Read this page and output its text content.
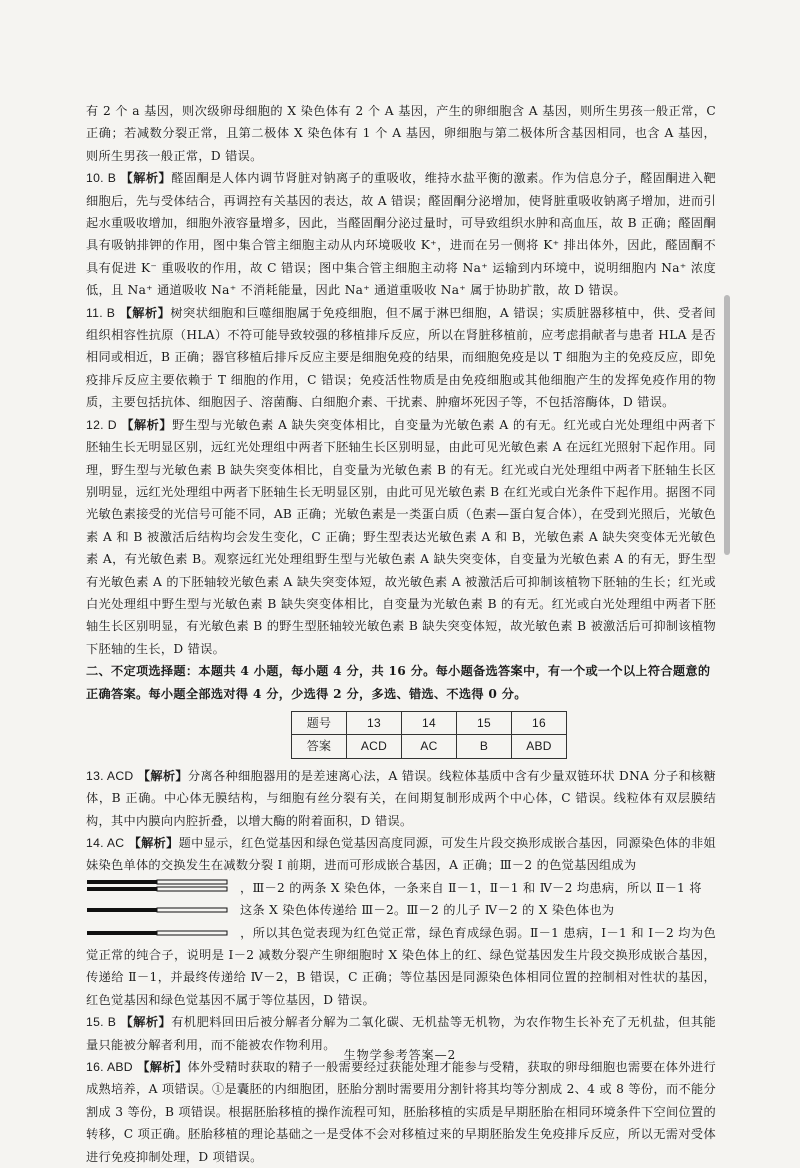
有 2 个 a 基因，则次级卵母细胞的 X 染色体有 2 个 A 基因，产生的卵细胞含 A 基因，则所生男孩一般正常，C 正确；若减数分裂正常，且第二极体 X 染色体有 1 个 A 基因，卵细胞与第二极体所含基因相同，也含 A 基因，则所生男孩一般正常，D 错误。

10. B 【解析】醛固酮是人体内调节肾脏对钠离子的重吸收，维持水盐平衡的激素。作为信息分子，醛固酮进入靶细胞后，先与受体结合，再调控有关基因的表达，故 A 错误；醛固酮分泌增加，使肾脏重吸收钠离子增加，进而引起水重吸收增加，细胞外液容量增多，因此，当醛固酮分泌过量时，可导致组织水肿和高血压，故 B 正确；醛固酮具有吸钠排钾的作用，图中集合管主细胞主动从内环境吸收 K⁺，进而在另一侧将 K⁺ 排出体外，因此，醛固酮不具有促进 K⁻ 重吸收的作用，故 C 错误；图中集合管主细胞主动将 Na⁺ 运输到内环境中，说明细胞内 Na⁺ 浓度低，且 Na⁺ 通道吸收 Na⁺ 不消耗能量，因此 Na⁺ 通道重吸收 Na⁺ 属于协助扩散，故 D 错误。

11. B 【解析】树突状细胞和巨噬细胞属于免疫细胞，但不属于淋巴细胞，A 错误；实质脏器移植中，供、受者间组织相容性抗原（HLA）不符可能导致较强的移植排斥反应，所以在肾脏移植前，应考虑捐献者与患者 HLA 是否相同或相近，B 正确；器官移植后排斥反应主要是细胞免疫的结果，而细胞免疫是以 T 细胞为主的免疫反应，即免疫排斥反应主要依赖于 T 细胞的作用，C 错误；免疫活性物质是由免疫细胞或其他细胞产生的发挥免疫作用的物质，主要包括抗体、细胞因子、溶菌酶、白细胞介素、干扰素、肿瘤坏死因子等，不包括溶酶体，D 错误。

12. D 【解析】野生型与光敏色素 A 缺失突变体相比，自变量为光敏色素 A 的有无。红光或白光处理组中两者下胚轴生长无明显区别，远红光处理组中两者下胚轴生长区别明显，由此可见光敏色素 A 在远红光照射下起作用。同理，野生型与光敏色素 B 缺失突变体相比，自变量为光敏色素 B 的有无。红光或白光处理组中两者下胚轴生长区别明显，远红光处理组中两者下胚轴生长无明显区别，由此可见光敏色素 B 在红光或白光条件下起作用。据图不同光敏色素接受的光信号可能不同，AB 正确；光敏色素是一类蛋白质（色素—蛋白复合体），在受到光照后，光敏色素 A 和 B 被激活后结构均会发生变化，C 正确；野生型表达光敏色素 A 和 B，光敏色素 A 缺失突变体无光敏色素 A，有光敏色素 B。观察远红光处理组野生型与光敏色素 A 缺失突变体，自变量为光敏色素 A 的有无，野生型有光敏色素 A 的下胚轴较光敏色素 A 缺失突变体短，故光敏色素 A 被激活后可抑制该植物下胚轴的生长；红光或白光处理组中野生型与光敏色素 B 缺失突变体相比，自变量为光敏色素 B 的有无。红光或白光处理组中两者下胚轴生长区别明显，有光敏色素 B 的野生型胚轴较光敏色素 B 缺失突变体短，故光敏色素 B 被激活后可抑制该植物下胚轴的生长，D 错误。

二、不定项选择题：本题共 4 小题，每小题 4 分，共 16 分。每小题备选答案中，有一个或一个以上符合题意的正确答案。每小题全部选对得 4 分，少选得 2 分，多选、错选、不选得 0 分。

题号	13	14	15	16
答案	ACD	AC	B	ABD

13. ACD 【解析】分离各种细胞器用的是差速离心法，A 错误。线粒体基质中含有少量双链环状 DNA 分子和核糖体，B 正确。中心体无膜结构，与细胞有丝分裂有关，在间期复制形成两个中心体，C 错误。线粒体有双层膜结构，其中内膜向内腔折叠，以增大酶的附着面积，D 错误。

14. AC 【解析】题中显示，红色觉基因和绿色觉基因高度同源，可发生片段交换形成嵌合基因，同源染色体的非姐妹染色单体的交换发生在减数分裂 Ⅰ 前期，进而可形成嵌合基因，A 正确；Ⅲ－2 的色觉基因组成为
，Ⅲ－2 的两条 X 染色体，一条来自 Ⅱ－1，Ⅱ－1 和 Ⅳ－2 均患病，所以 Ⅱ－1 将
这条 X 染色体传递给 Ⅲ－2。Ⅲ－2 的儿子 Ⅳ－2 的 X 染色体也为
，所以其色觉表现为红色觉正常，绿色育成绿色弱。Ⅱ－1 患病，Ⅰ－1 和 Ⅰ－2 均为色觉正常的纯合子，说明是 Ⅰ－2 减数分裂产生卵细胞时 X 染色体上的红、绿色觉基因发生片段交换形成嵌合基因，传递给 Ⅱ－1，并最终传递给 Ⅳ－2，B 错误，C 正确；等位基因是同源染色体相同位置的控制相对性状的基因，红色觉基因和绿色觉基因不属于等位基因，D 错误。

15. B 【解析】有机肥料回田后被分解者分解为二氧化碳、无机盐等无机物，为农作物生长补充了无机盐，但其能量只能被分解者利用，而不能被农作物利用。

16. ABD 【解析】体外受精时获取的精子一般需要经过获能处理才能参与受精，获取的卵母细胞也需要在体外进行成熟培养，A 项错误。①是囊胚的内细胞团，胚胎分割时需要用分割针将其均等分割成 2、4 或 8 等份，而不能分割成 3 等份，B 项错误。根据胚胎移植的操作流程可知，胚胎移植的实质是早期胚胎在相同环境条件下空间位置的转移，C 项正确。胚胎移植的理论基础之一是受体不会对移植过来的早期胚胎发生免疫排斥反应，所以无需对受体进行免疫抑制处理，D 项错误。

生物学参考答案—2
